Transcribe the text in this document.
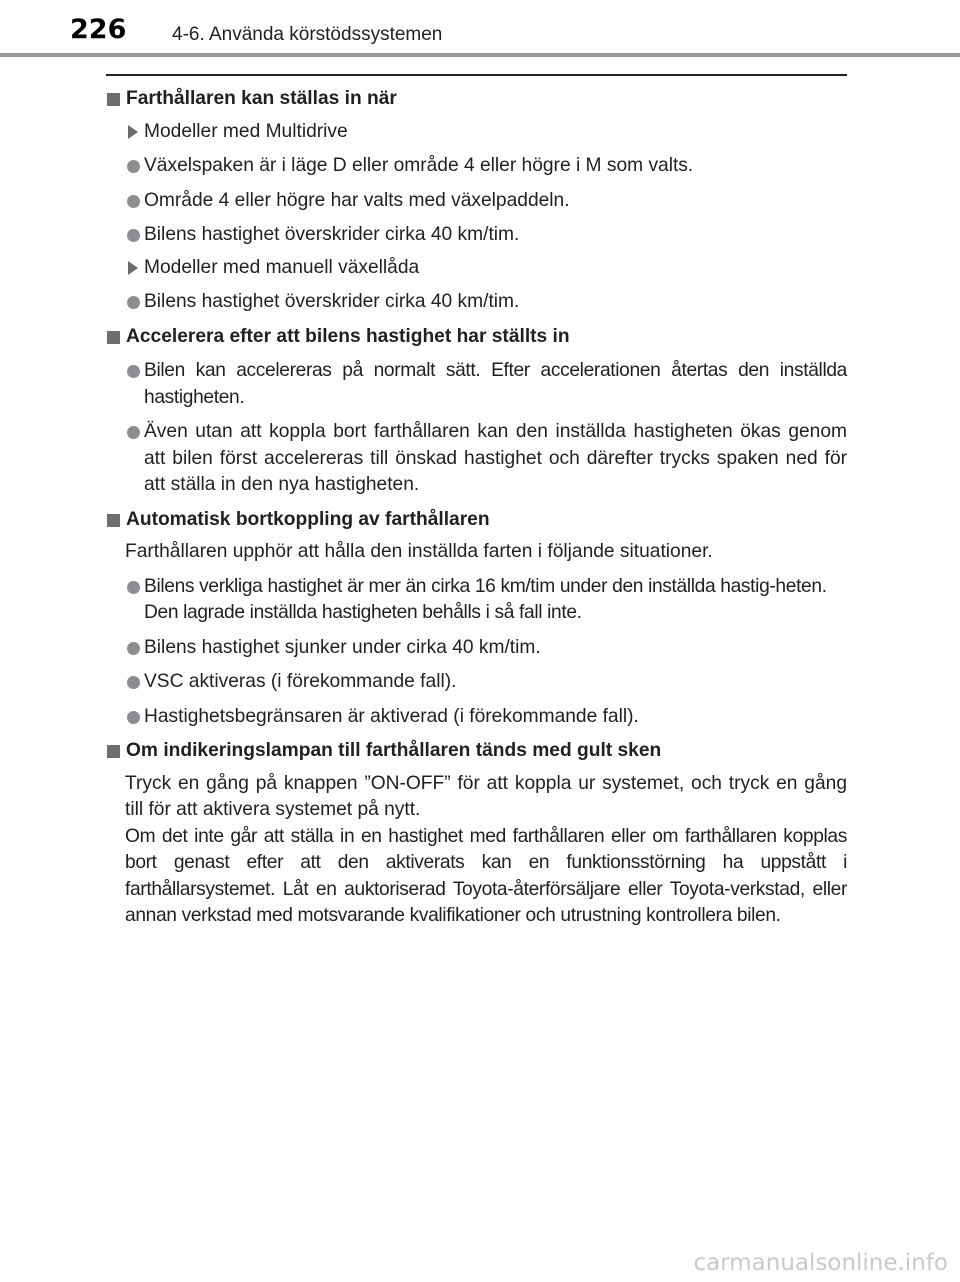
226 4-6. Använda körstödssystemen
Farthållaren kan ställas in när
Modeller med Multidrive
Växelspaken är i läge D eller område 4 eller högre i M som valts.
Område 4 eller högre har valts med växelpaddeln.
Bilens hastighet överskrider cirka 40 km/tim.
Modeller med manuell växellåda
Bilens hastighet överskrider cirka 40 km/tim.
Accelerera efter att bilens hastighet har ställts in
Bilen kan accelereras på normalt sätt. Efter accelerationen återtas den inställda hastigheten.
Även utan att koppla bort farthållaren kan den inställda hastigheten ökas genom att bilen först accelereras till önskad hastighet och därefter trycks spaken ned för att ställa in den nya hastigheten.
Automatisk bortkoppling av farthållaren
Farthållaren upphör att hålla den inställda farten i följande situationer.
Bilens verkliga hastighet är mer än cirka 16 km/tim under den inställda hastig-heten.
Den lagrade inställda hastigheten behålls i så fall inte.
Bilens hastighet sjunker under cirka 40 km/tim.
VSC aktiveras (i förekommande fall).
Hastighetsbegränsaren är aktiverad (i förekommande fall).
Om indikeringslampan till farthållaren tänds med gult sken
Tryck en gång på knappen ”ON-OFF” för att koppla ur systemet, och tryck en gång till för att aktivera systemet på nytt.
Om det inte går att ställa in en hastighet med farthållaren eller om farthållaren kopplas bort genast efter att den aktiverats kan en funktionsstörning ha uppstått i farthållarsystemet. Låt en auktoriserad Toyota-återförsäljare eller Toyota-verkstad, eller annan verkstad med motsvarande kvalifikationer och utrustning kontrollera bilen.
carmanualsonline.info
